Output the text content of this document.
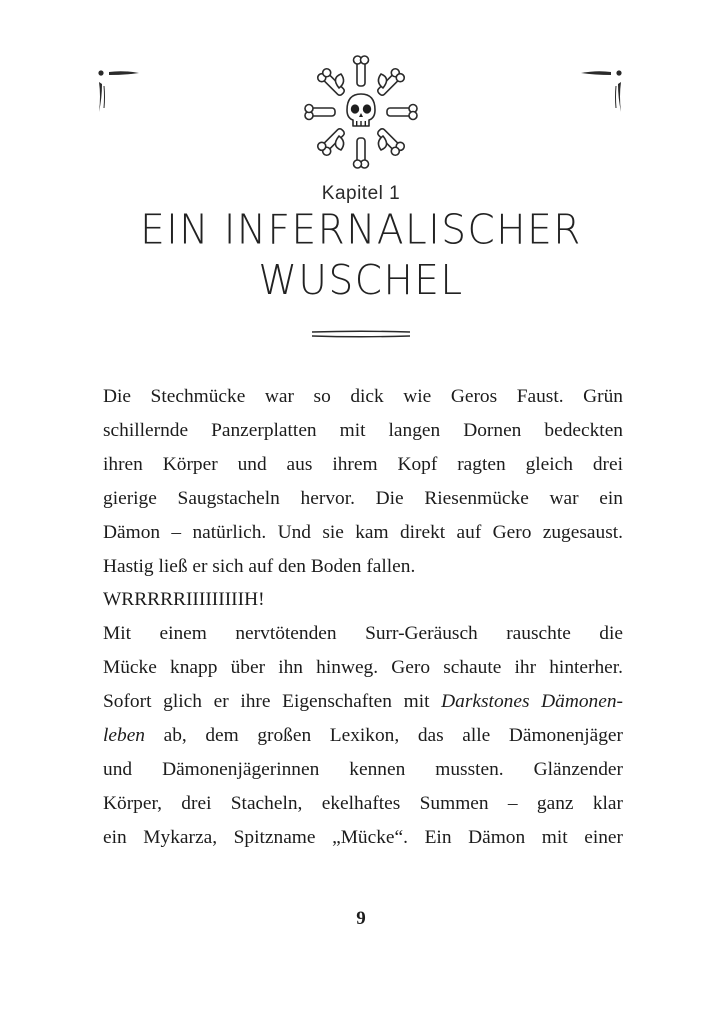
Kapitel 1
EIN INFERNALISCHER
WUSCHEL
Die Stechmücke war so dick wie Geros Faust. Grün
schillernde Panzerplatten mit langen Dornen bedeckten
ihren Körper und aus ihrem Kopf ragten gleich drei
gierige Saugstacheln hervor. Die Riesenmücke war ein
Dämon – natürlich. Und sie kam direkt auf Gero zugesaust.
Hastig ließ er sich auf den Boden fallen.
WRRRRRIIIIIIIIIH!
Mit einem nervtötenden Surr-Geräusch rauschte die
Mücke knapp über ihn hinweg. Gero schaute ihr hinterher.
Sofort glich er ihre Eigenschaften mit Darkstones Dämonen-
leben ab, dem großen Lexikon, das alle Dämonenjäger
und Dämonenjägerinnen kennen mussten. Glänzender
Körper, drei Stacheln, ekelhaftes Summen – ganz klar
ein Mykarza, Spitzname „Mücke“. Ein Dämon mit einer
9
